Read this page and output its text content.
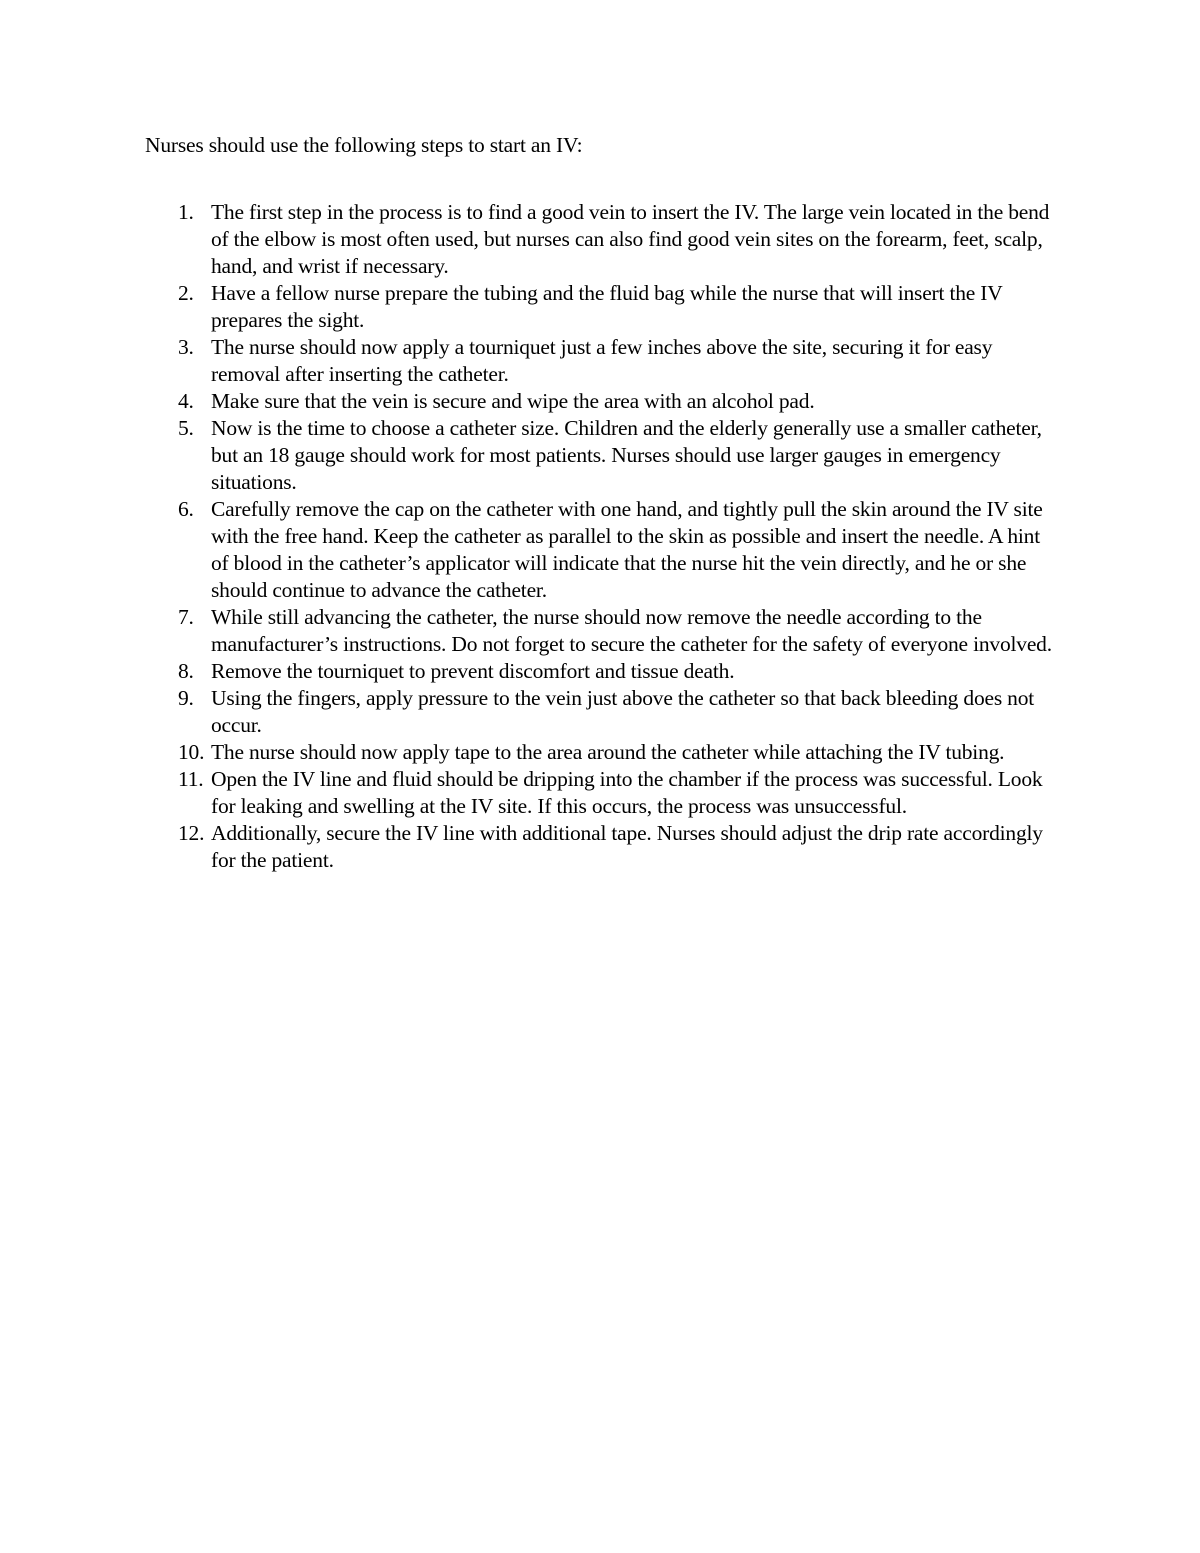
Nurses should use the following steps to start an IV:

1. The first step in the process is to find a good vein to insert the IV. The large vein located in the bend of the elbow is most often used, but nurses can also find good vein sites on the forearm, feet, scalp, hand, and wrist if necessary.
2. Have a fellow nurse prepare the tubing and the fluid bag while the nurse that will insert the IV prepares the sight.
3. The nurse should now apply a tourniquet just a few inches above the site, securing it for easy removal after inserting the catheter.
4. Make sure that the vein is secure and wipe the area with an alcohol pad.
5. Now is the time to choose a catheter size. Children and the elderly generally use a smaller catheter, but an 18 gauge should work for most patients. Nurses should use larger gauges in emergency situations.
6. Carefully remove the cap on the catheter with one hand, and tightly pull the skin around the IV site with the free hand. Keep the catheter as parallel to the skin as possible and insert the needle. A hint of blood in the catheter’s applicator will indicate that the nurse hit the vein directly, and he or she should continue to advance the catheter.
7. While still advancing the catheter, the nurse should now remove the needle according to the manufacturer’s instructions. Do not forget to secure the catheter for the safety of everyone involved.
8. Remove the tourniquet to prevent discomfort and tissue death.
9. Using the fingers, apply pressure to the vein just above the catheter so that back bleeding does not occur.
10. The nurse should now apply tape to the area around the catheter while attaching the IV tubing.
11. Open the IV line and fluid should be dripping into the chamber if the process was successful. Look for leaking and swelling at the IV site. If this occurs, the process was unsuccessful.
12. Additionally, secure the IV line with additional tape. Nurses should adjust the drip rate accordingly for the patient.
